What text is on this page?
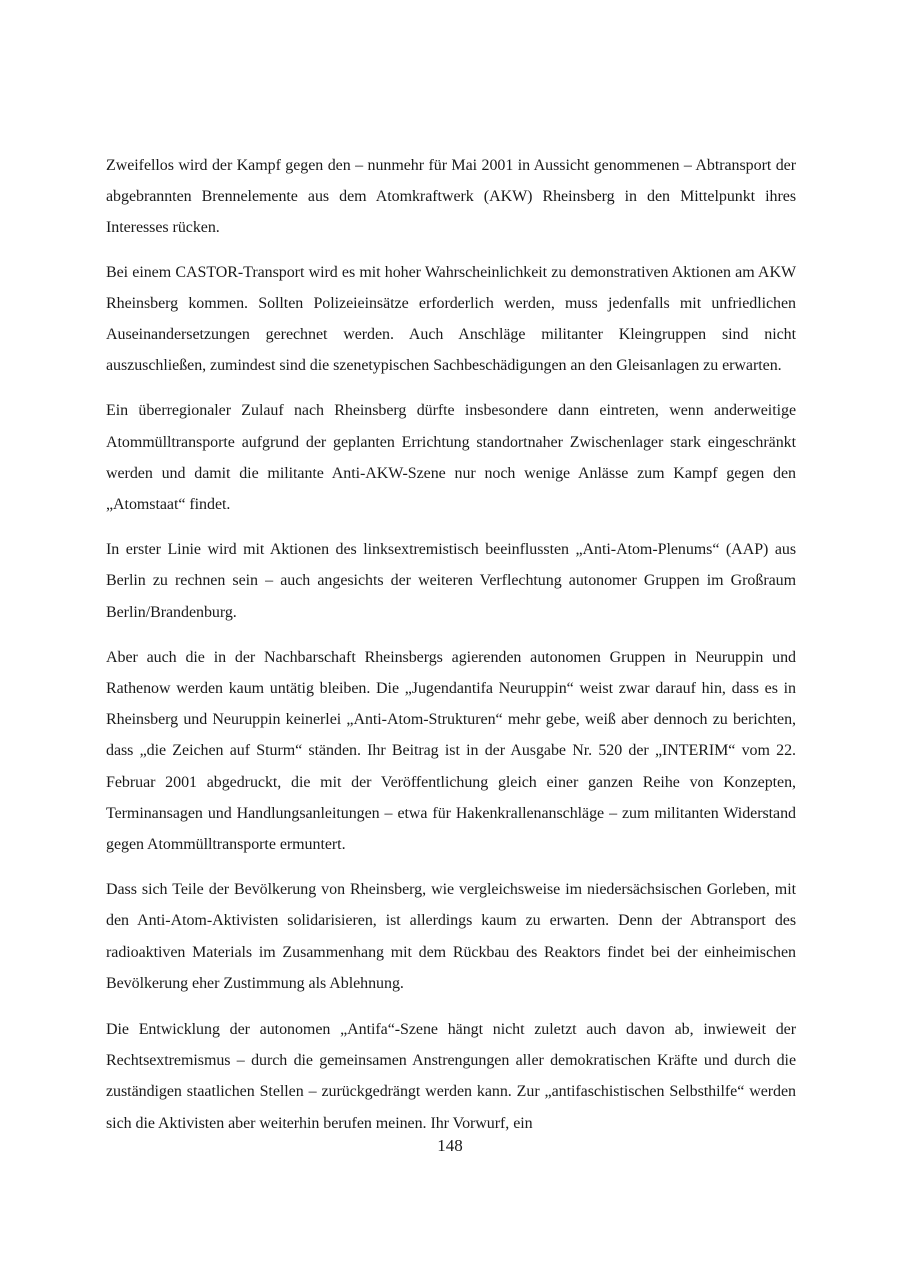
Zweifellos wird der Kampf gegen den – nunmehr für Mai 2001 in Aussicht genommenen – Abtransport der abgebrannten Brennelemente aus dem Atomkraftwerk (AKW) Rheinsberg in den Mittelpunkt ihres Interesses rücken.

Bei einem CASTOR-Transport wird es mit hoher Wahrscheinlichkeit zu demonstrativen Aktionen am AKW Rheinsberg kommen. Sollten Polizeieinsätze erforderlich werden, muss jedenfalls mit unfriedlichen Auseinandersetzungen gerechnet werden. Auch Anschläge militanter Kleingruppen sind nicht auszuschließen, zumindest sind die szenetypischen Sachbeschädigungen an den Gleisanlagen zu erwarten.

Ein überregionaler Zulauf nach Rheinsberg dürfte insbesondere dann eintreten, wenn anderweitige Atommülltransporte aufgrund der geplanten Errichtung standortnaher Zwischenlager stark eingeschränkt werden und damit die militante Anti-AKW-Szene nur noch wenige Anlässe zum Kampf gegen den „Atomstaat“ findet.

In erster Linie wird mit Aktionen des linksextremistisch beeinflussten „Anti-Atom-Plenums“ (AAP) aus Berlin zu rechnen sein – auch angesichts der weiteren Verflechtung autonomer Gruppen im Großraum Berlin/Brandenburg.

Aber auch die in der Nachbarschaft Rheinsbergs agierenden autonomen Gruppen in Neuruppin und Rathenow werden kaum untätig bleiben. Die „Jugendantifa Neuruppin“ weist zwar darauf hin, dass es in Rheinsberg und Neuruppin keinerlei „Anti-Atom-Strukturen“ mehr gebe, weiß aber dennoch zu berichten, dass „die Zeichen auf Sturm“ ständen. Ihr Beitrag ist in der Ausgabe Nr. 520 der „INTERIM“ vom 22. Februar 2001 abgedruckt, die mit der Veröffentlichung gleich einer ganzen Reihe von Konzepten, Terminansagen und Handlungsanleitungen – etwa für Hakenkrallenanschläge – zum militanten Widerstand gegen Atommülltransporte ermuntert.

Dass sich Teile der Bevölkerung von Rheinsberg, wie vergleichsweise im niedersächsischen Gorleben, mit den Anti-Atom-Aktivisten solidarisieren, ist allerdings kaum zu erwarten. Denn der Abtransport des radioaktiven Materials im Zusammenhang mit dem Rückbau des Reaktors findet bei der einheimischen Bevölkerung eher Zustimmung als Ablehnung.

Die Entwicklung der autonomen „Antifa“-Szene hängt nicht zuletzt auch davon ab, inwieweit der Rechtsextremismus – durch die gemeinsamen Anstrengungen aller demokratischen Kräfte und durch die zuständigen staatlichen Stellen – zurückgedrängt werden kann. Zur „antifaschistischen Selbsthilfe“ werden sich die Aktivisten aber weiterhin berufen meinen. Ihr Vorwurf, ein

148
